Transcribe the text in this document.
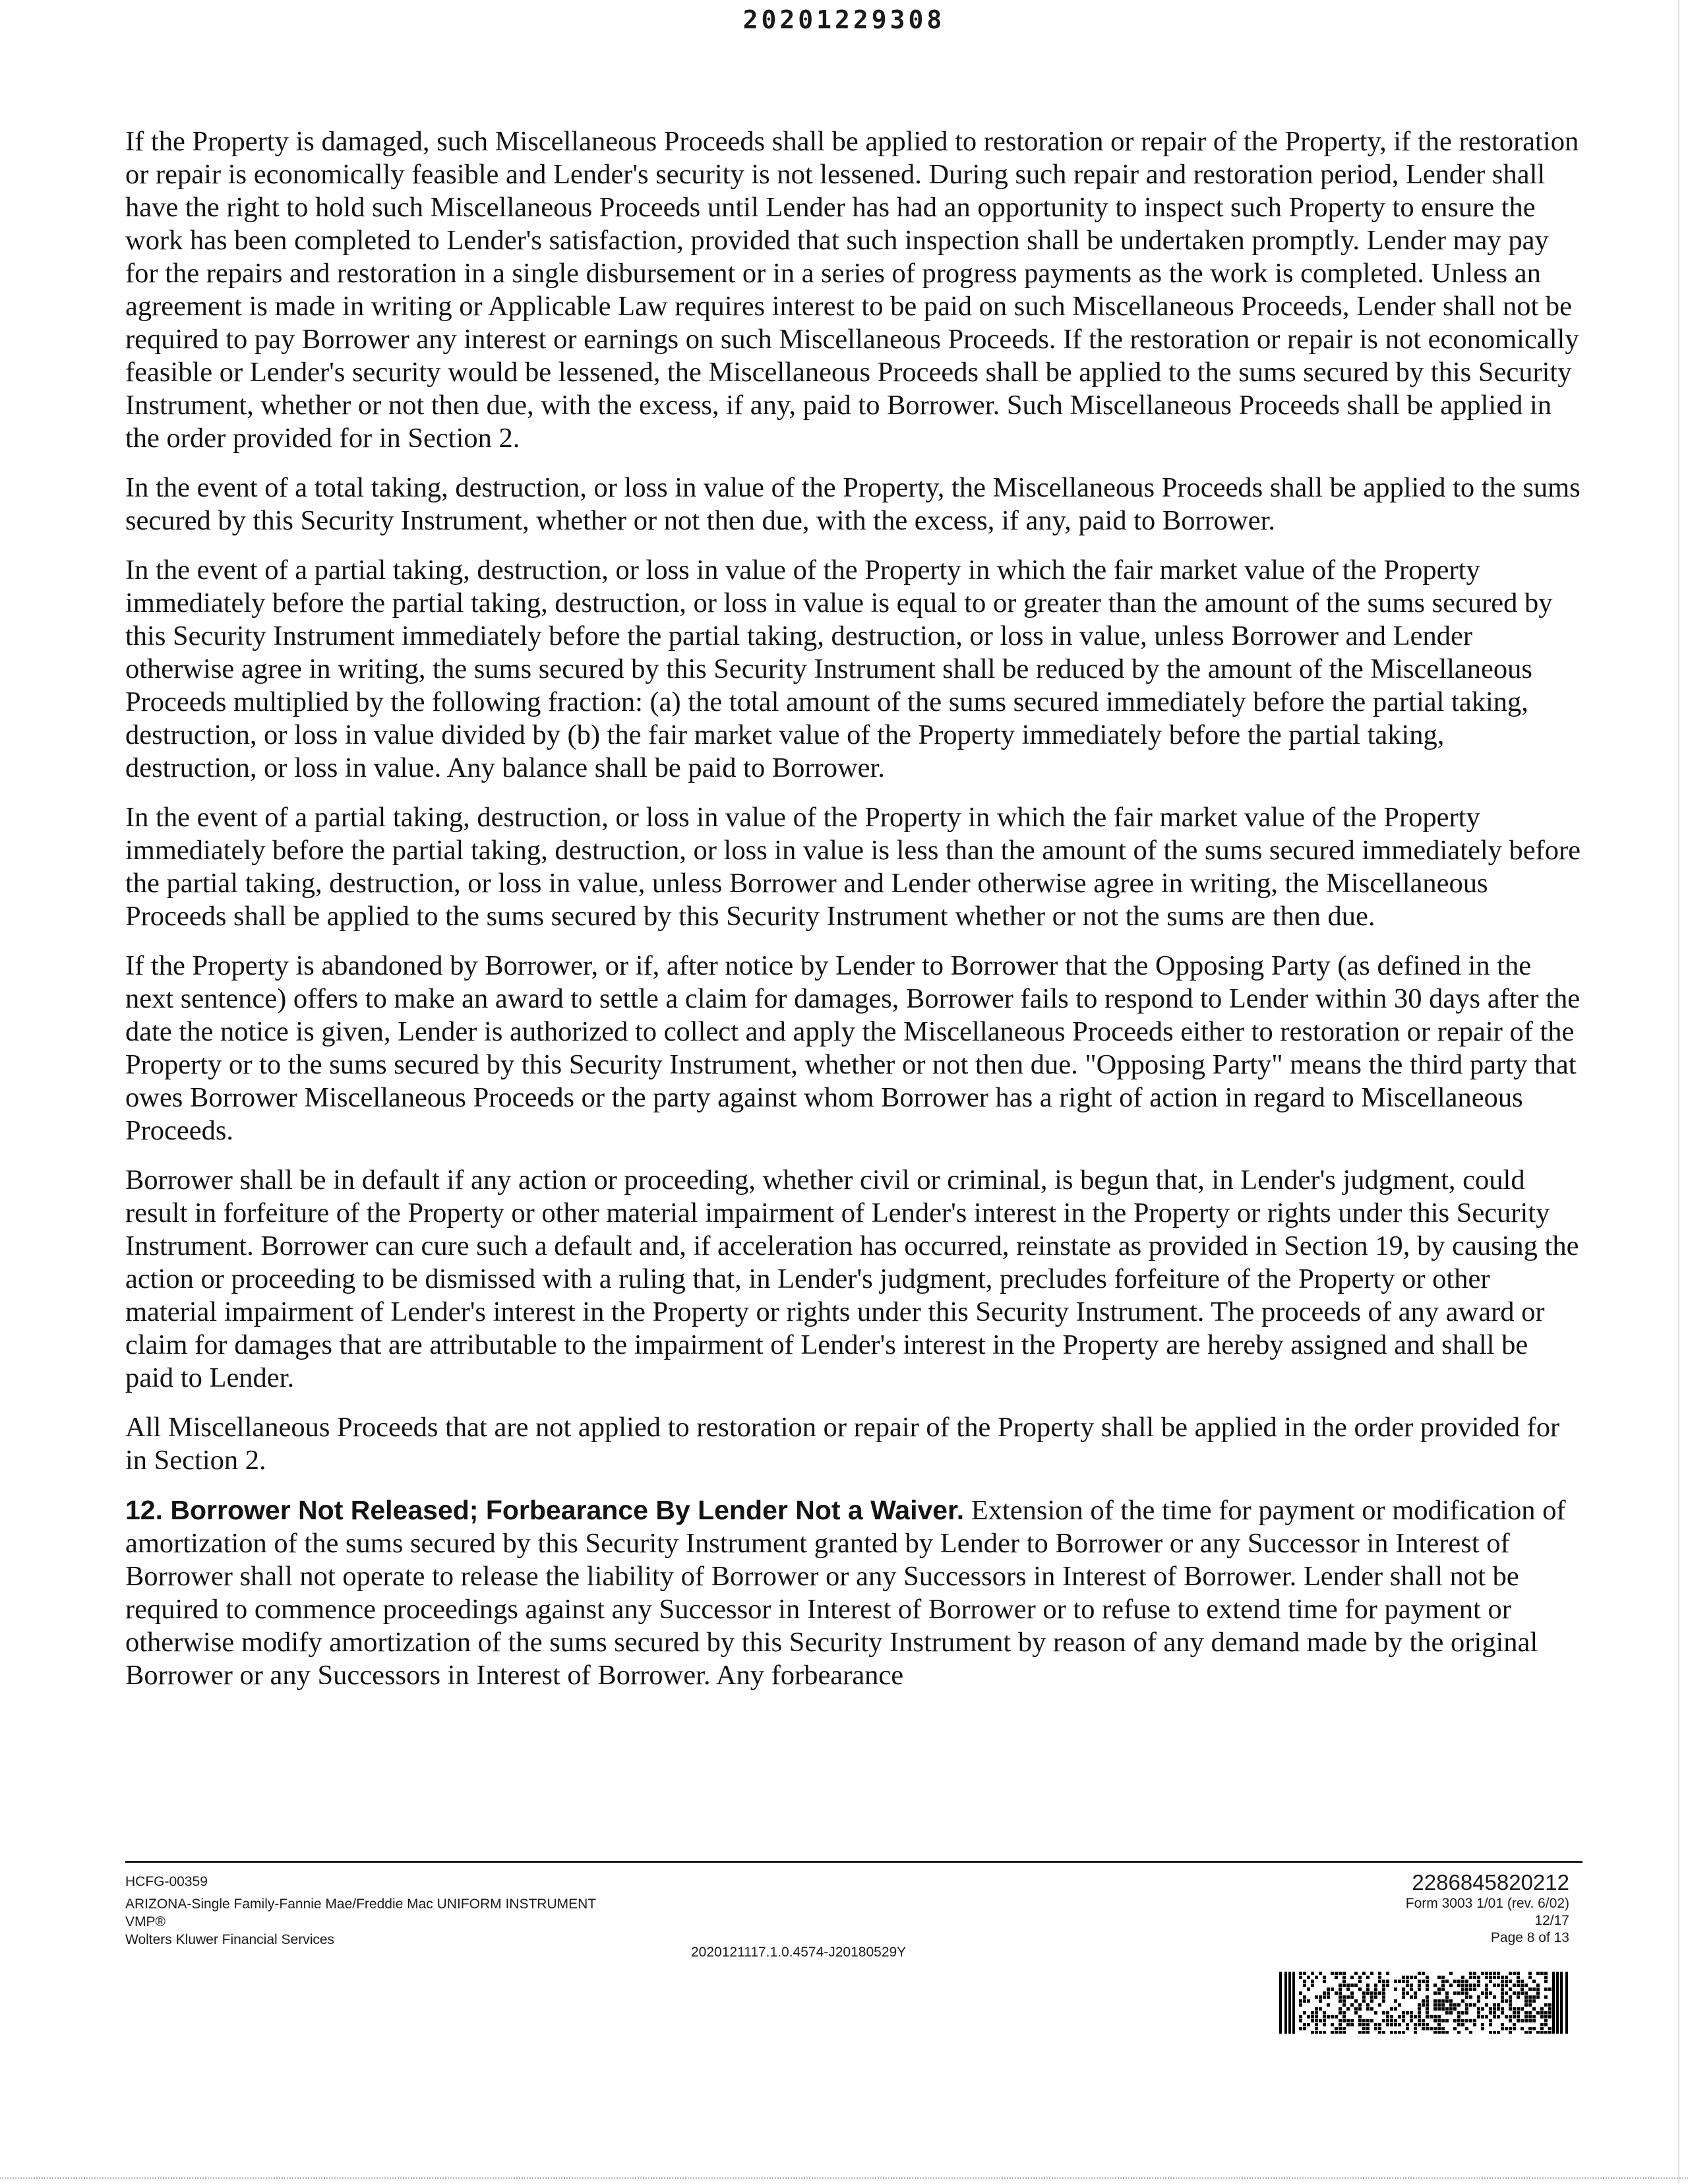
20201229308

If the Property is damaged, such Miscellaneous Proceeds shall be applied to restoration or repair of the Property, if the restoration or repair is economically feasible and Lender's security is not lessened. During such repair and restoration period, Lender shall have the right to hold such Miscellaneous Proceeds until Lender has had an opportunity to inspect such Property to ensure the work has been completed to Lender's satisfaction, provided that such inspection shall be undertaken promptly. Lender may pay for the repairs and restoration in a single disbursement or in a series of progress payments as the work is completed. Unless an agreement is made in writing or Applicable Law requires interest to be paid on such Miscellaneous Proceeds, Lender shall not be required to pay Borrower any interest or earnings on such Miscellaneous Proceeds. If the restoration or repair is not economically feasible or Lender's security would be lessened, the Miscellaneous Proceeds shall be applied to the sums secured by this Security Instrument, whether or not then due, with the excess, if any, paid to Borrower. Such Miscellaneous Proceeds shall be applied in the order provided for in Section 2.

In the event of a total taking, destruction, or loss in value of the Property, the Miscellaneous Proceeds shall be applied to the sums secured by this Security Instrument, whether or not then due, with the excess, if any, paid to Borrower.

In the event of a partial taking, destruction, or loss in value of the Property in which the fair market value of the Property immediately before the partial taking, destruction, or loss in value is equal to or greater than the amount of the sums secured by this Security Instrument immediately before the partial taking, destruction, or loss in value, unless Borrower and Lender otherwise agree in writing, the sums secured by this Security Instrument shall be reduced by the amount of the Miscellaneous Proceeds multiplied by the following fraction: (a) the total amount of the sums secured immediately before the partial taking, destruction, or loss in value divided by (b) the fair market value of the Property immediately before the partial taking, destruction, or loss in value. Any balance shall be paid to Borrower.

In the event of a partial taking, destruction, or loss in value of the Property in which the fair market value of the Property immediately before the partial taking, destruction, or loss in value is less than the amount of the sums secured immediately before the partial taking, destruction, or loss in value, unless Borrower and Lender otherwise agree in writing, the Miscellaneous Proceeds shall be applied to the sums secured by this Security Instrument whether or not the sums are then due.

If the Property is abandoned by Borrower, or if, after notice by Lender to Borrower that the Opposing Party (as defined in the next sentence) offers to make an award to settle a claim for damages, Borrower fails to respond to Lender within 30 days after the date the notice is given, Lender is authorized to collect and apply the Miscellaneous Proceeds either to restoration or repair of the Property or to the sums secured by this Security Instrument, whether or not then due. "Opposing Party" means the third party that owes Borrower Miscellaneous Proceeds or the party against whom Borrower has a right of action in regard to Miscellaneous Proceeds.

Borrower shall be in default if any action or proceeding, whether civil or criminal, is begun that, in Lender's judgment, could result in forfeiture of the Property or other material impairment of Lender's interest in the Property or rights under this Security Instrument. Borrower can cure such a default and, if acceleration has occurred, reinstate as provided in Section 19, by causing the action or proceeding to be dismissed with a ruling that, in Lender's judgment, precludes forfeiture of the Property or other material impairment of Lender's interest in the Property or rights under this Security Instrument. The proceeds of any award or claim for damages that are attributable to the impairment of Lender's interest in the Property are hereby assigned and shall be paid to Lender.

All Miscellaneous Proceeds that are not applied to restoration or repair of the Property shall be applied in the order provided for in Section 2.

12. Borrower Not Released; Forbearance By Lender Not a Waiver. Extension of the time for payment or modification of amortization of the sums secured by this Security Instrument granted by Lender to Borrower or any Successor in Interest of Borrower shall not operate to release the liability of Borrower or any Successors in Interest of Borrower. Lender shall not be required to commence proceedings against any Successor in Interest of Borrower or to refuse to extend time for payment or otherwise modify amortization of the sums secured by this Security Instrument by reason of any demand made by the original Borrower or any Successors in Interest of Borrower. Any forbearance

HCFG-00359
ARIZONA-Single Family-Fannie Mae/Freddie Mac UNIFORM INSTRUMENT
VMP®
Wolters Kluwer Financial Services
2020121117.1.0.4574-J20180529Y
2286845820212
Form 3003 1/01 (rev. 6/02)
12/17
Page 8 of 13
